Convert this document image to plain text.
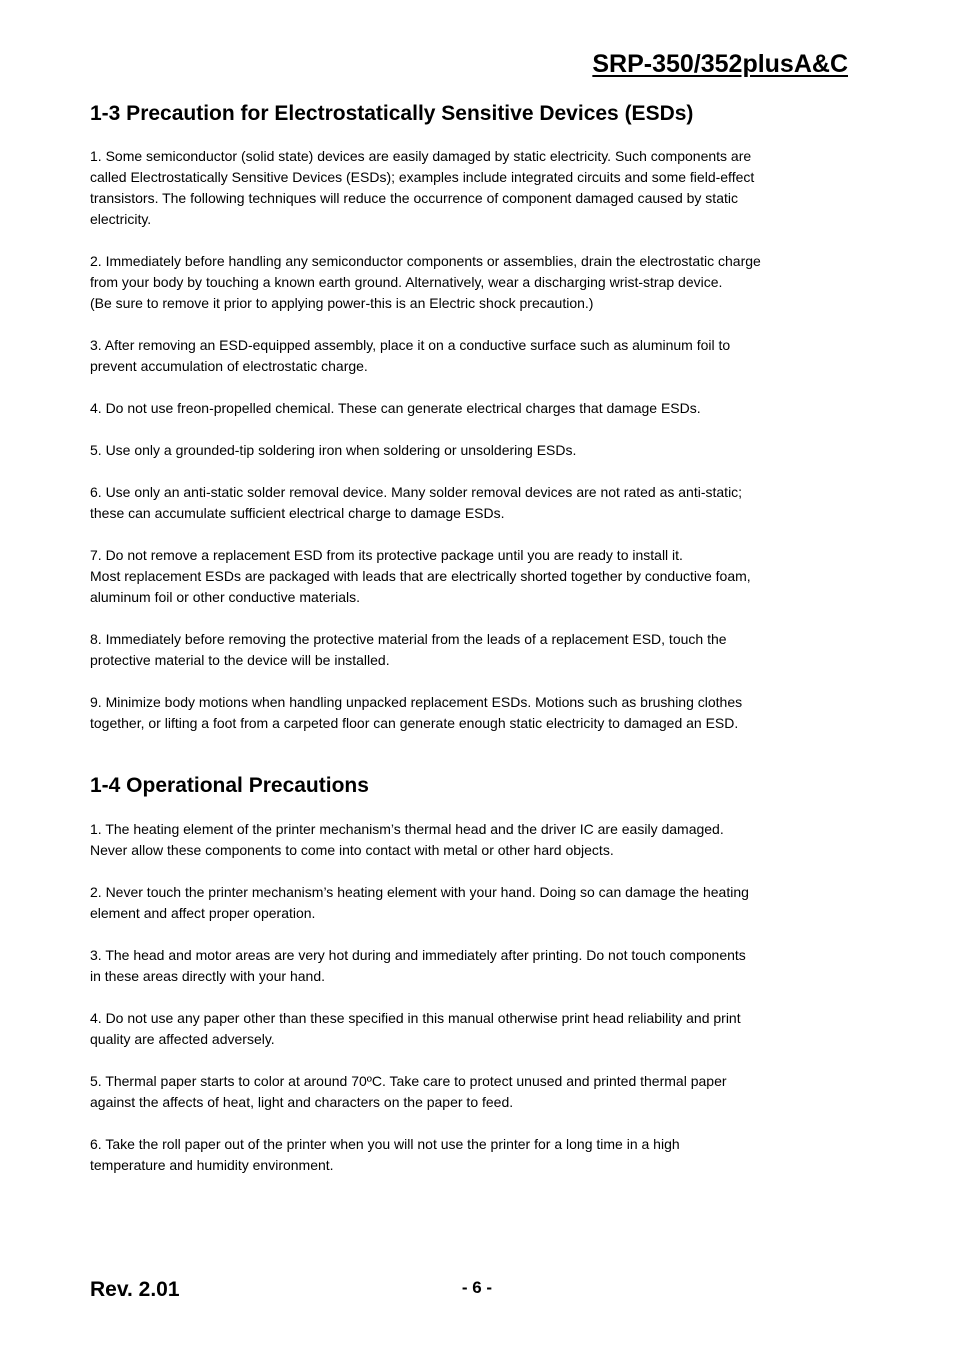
SRP-350/352plusA&C
1-3 Precaution for Electrostatically Sensitive Devices (ESDs)
1. Some semiconductor (solid state) devices are easily damaged by static electricity. Such components are
called Electrostatically Sensitive Devices (ESDs); examples include integrated circuits and some field-effect
transistors. The following techniques will reduce the occurrence of component damaged caused by static
electricity.
2. Immediately before handling any semiconductor components or assemblies, drain the electrostatic charge
from your body by touching a known earth ground. Alternatively, wear a discharging wrist-strap device.
(Be sure to remove it prior to applying power-this is an Electric shock precaution.)
3. After removing an ESD-equipped assembly, place it on a conductive surface such as aluminum foil to
prevent accumulation of electrostatic charge.
4. Do not use freon-propelled chemical. These can generate electrical charges that damage ESDs.
5. Use only a grounded-tip soldering iron when soldering or unsoldering ESDs.
6. Use only an anti-static solder removal device. Many solder removal devices are not rated as anti-static;
these can accumulate sufficient electrical charge to damage ESDs.
7. Do not remove a replacement ESD from its protective package until you are ready to install it.
Most replacement ESDs are packaged with leads that are electrically shorted together by conductive foam,
aluminum foil or other conductive materials.
8. Immediately before removing the protective material from the leads of a replacement ESD, touch the
protective material to the device will be installed.
9. Minimize body motions when handling unpacked replacement ESDs. Motions such as brushing clothes
together, or lifting a foot from a carpeted floor can generate enough static electricity to damaged an ESD.
1-4 Operational Precautions
1. The heating element of the printer mechanism’s thermal head and the driver IC are easily damaged.
Never allow these components to come into contact with metal or other hard objects.
2. Never touch the printer mechanism’s heating element with your hand. Doing so can damage the heating
element and affect proper operation.
3. The head and motor areas are very hot during and immediately after printing. Do not touch components
in these areas directly with your hand.
4. Do not use any paper other than these specified in this manual otherwise print head reliability and print
quality are affected adversely.
5. Thermal paper starts to color at around 70ºC. Take care to protect unused and printed thermal paper
against the affects of heat, light and characters on the paper to feed.
6. Take the roll paper out of the printer when you will not use the printer for a long time in a high
temperature and humidity environment.
Rev. 2.01	- 6 -
